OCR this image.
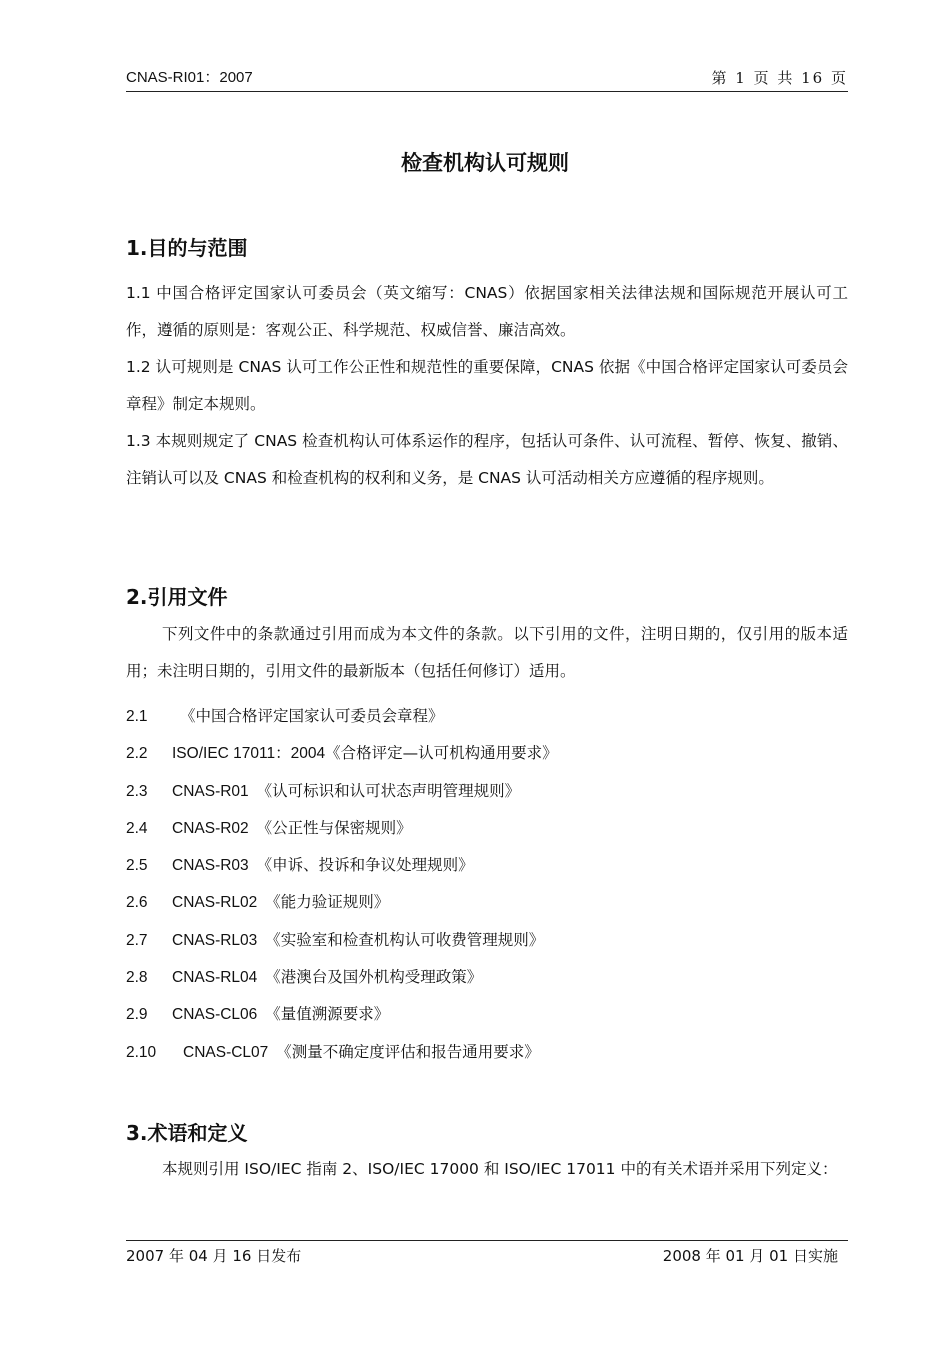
CNAS-RI01：2007	第 1 页 共 16 页
检查机构认可规则
1.目的与范围

1.1 中国合格评定国家认可委员会（英文缩写：CNAS）依据国家相关法律法规和国际规范开展认可工作，遵循的原则是：客观公正、科学规范、权威信誉、廉洁高效。

1.2 认可规则是 CNAS 认可工作公正性和规范性的重要保障，CNAS 依据《中国合格评定国家认可委员会章程》制定本规则。

1.3 本规则规定了 CNAS 检查机构认可体系运作的程序，包括认可条件、认可流程、暂停、恢复、撤销、注销认可以及 CNAS 和检查机构的权利和义务，是 CNAS 认可活动相关方应遵循的程序规则。

2.引用文件

下列文件中的条款通过引用而成为本文件的条款。以下引用的文件，注明日期的，仅引用的版本适用；未注明日期的，引用文件的最新版本（包括任何修订）适用。

2.1 《中国合格评定国家认可委员会章程》
2.2 ISO/IEC 17011：2004《合格评定—认可机构通用要求》
2.3 CNAS-R01 《认可标识和认可状态声明管理规则》
2.4 CNAS-R02 《公正性与保密规则》
2.5 CNAS-R03 《申诉、投诉和争议处理规则》
2.6 CNAS-RL02 《能力验证规则》
2.7 CNAS-RL03 《实验室和检查机构认可收费管理规则》
2.8 CNAS-RL04 《港澳台及国外机构受理政策》
2.9 CNAS-CL06 《量值溯源要求》
2.10 CNAS-CL07 《测量不确定度评估和报告通用要求》
3.术语和定义

本规则引用 ISO/IEC 指南 2、ISO/IEC 17000 和 ISO/IEC 17011 中的有关术语并采用下列定义：

2007 年 04 月 16 日发布	2008 年 01 月 01 日实施
